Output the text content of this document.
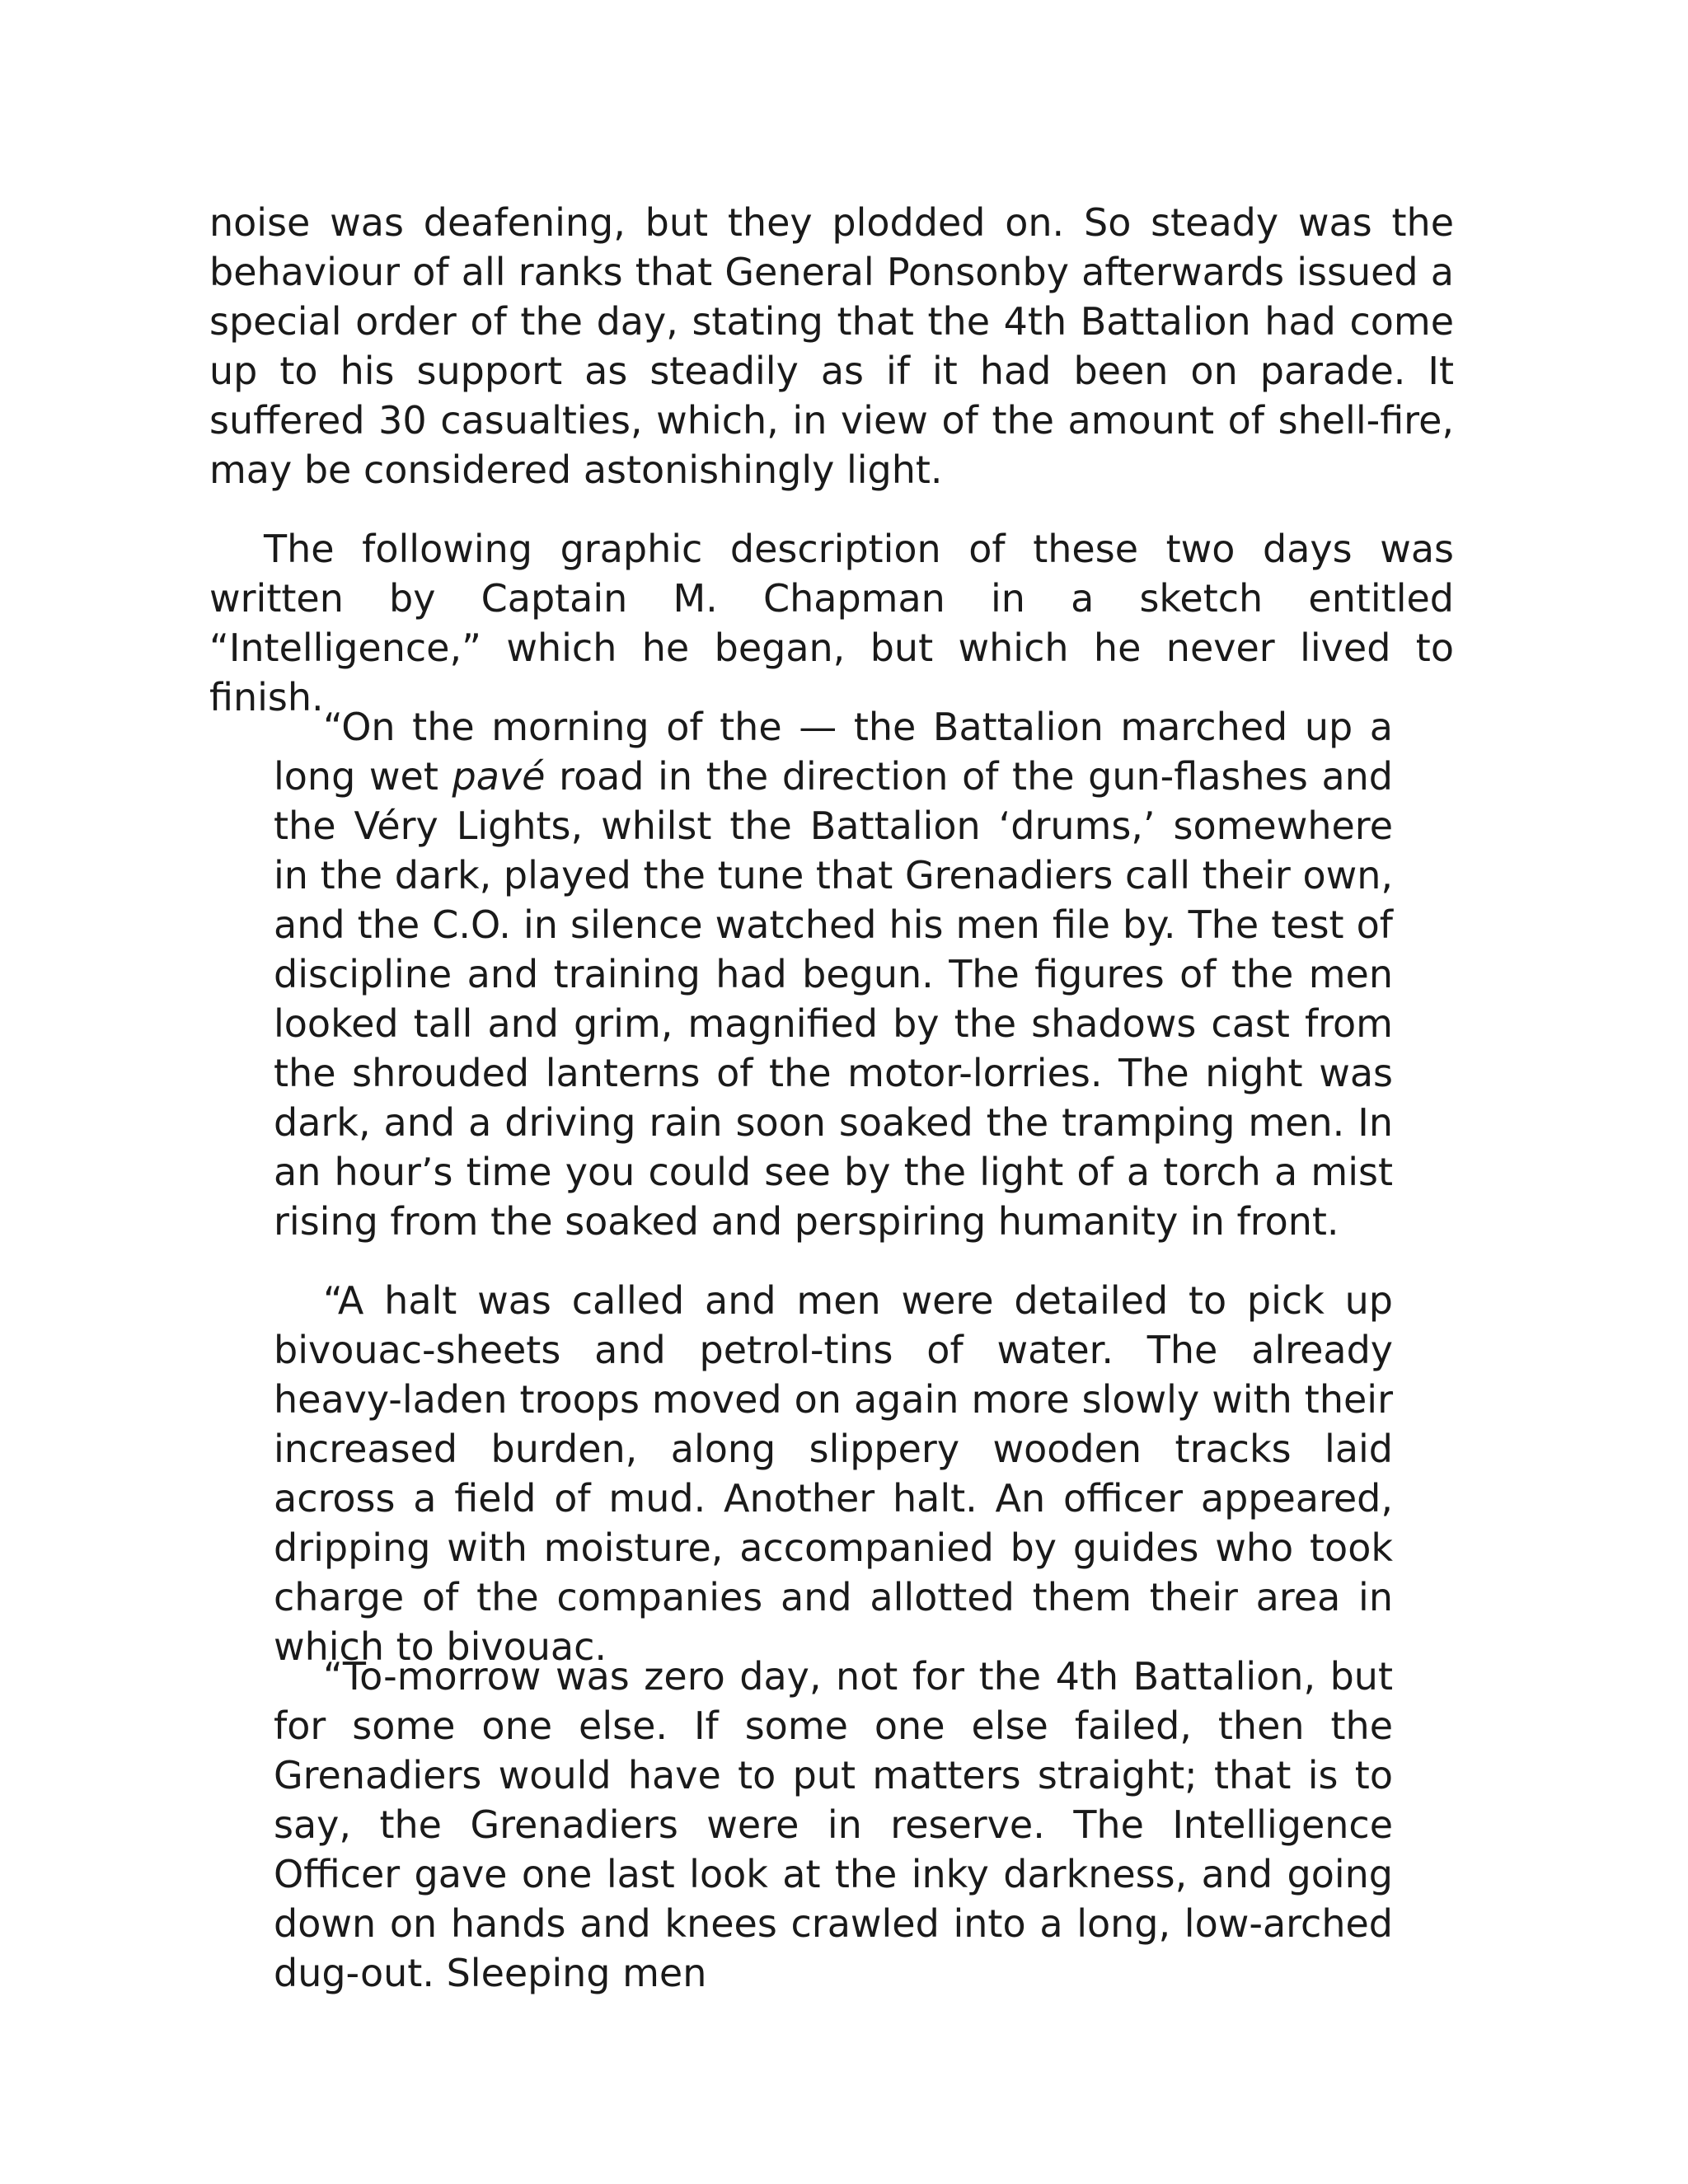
noise was deafening, but they plodded on. So steady was the behaviour of all ranks that General Ponsonby afterwards issued a special order of the day, stating that the 4th Battalion had come up to his support as steadily as if it had been on parade. It suffered 30 casualties, which, in view of the amount of shell-fire, may be considered astonishingly light.

The following graphic description of these two days was written by Captain M. Chapman in a sketch entitled “Intelligence,” which he began, but which he never lived to finish.

“On the morning of the — the Battalion marched up a long wet pavé road in the direction of the gun-flashes and the Véry Lights, whilst the Battalion ‘drums,’ somewhere in the dark, played the tune that Grenadiers call their own, and the C.O. in silence watched his men file by. The test of discipline and training had begun. The figures of the men looked tall and grim, magnified by the shadows cast from the shrouded lanterns of the motor-lorries. The night was dark, and a driving rain soon soaked the tramping men. In an hour’s time you could see by the light of a torch a mist rising from the soaked and perspiring humanity in front.

“A halt was called and men were detailed to pick up bivouac-sheets and petrol-tins of water. The already heavy-laden troops moved on again more slowly with their increased burden, along slippery wooden tracks laid across a field of mud. Another halt. An officer appeared, dripping with moisture, accompanied by guides who took charge of the companies and allotted them their area in which to bivouac.

“To-morrow was zero day, not for the 4th Battalion, but for some one else. If some one else failed, then the Grenadiers would have to put matters straight; that is to say, the Grenadiers were in reserve. The Intelligence Officer gave one last look at the inky darkness, and going down on hands and knees crawled into a long, low-arched dug-out. Sleeping men
